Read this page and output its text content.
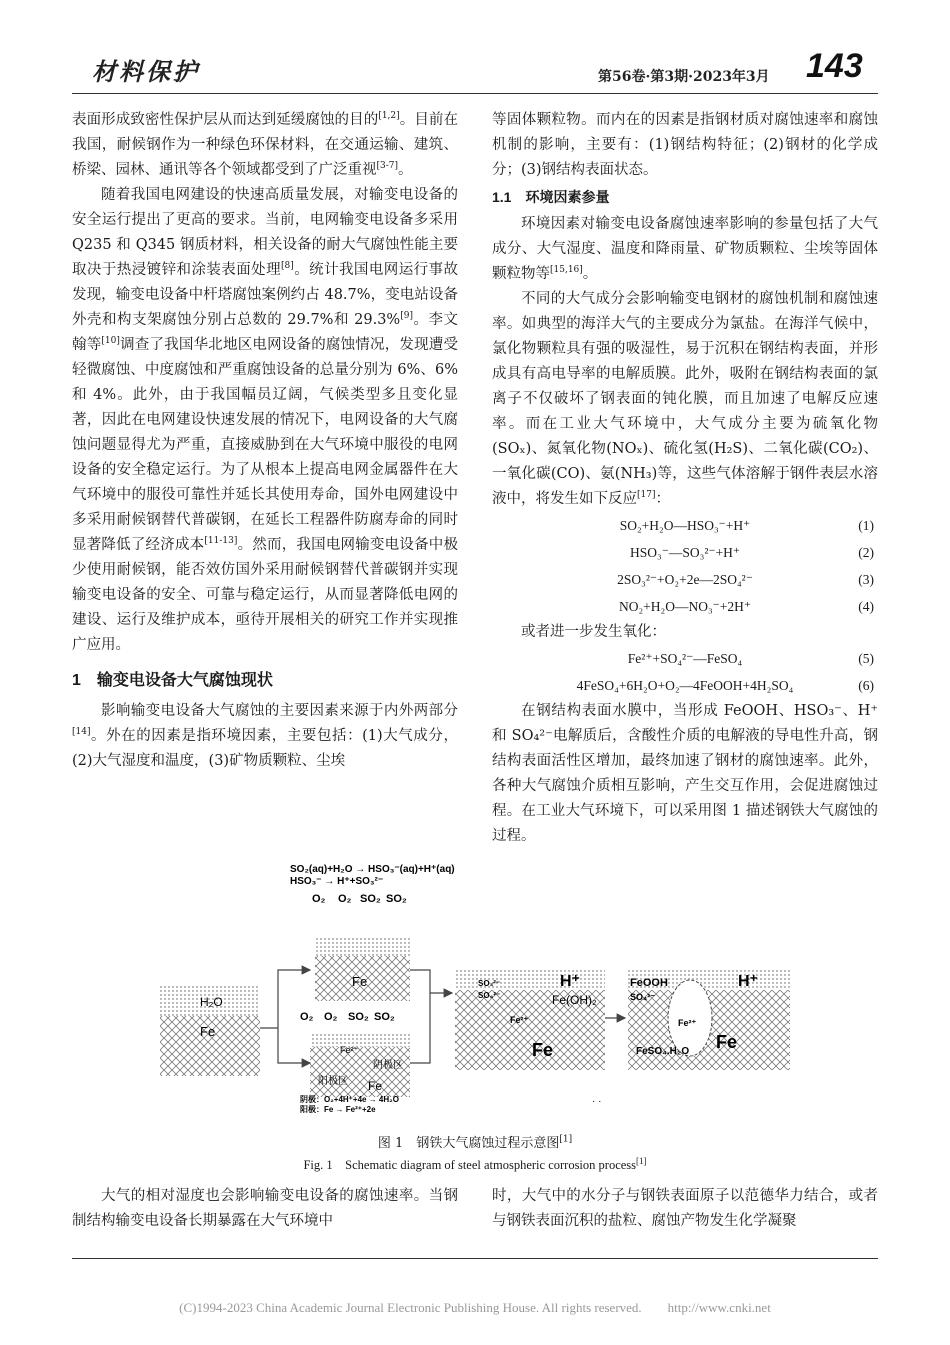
材料保护	第56卷·第3期·2023年3月 143

表面形成致密性保护层从而达到延缓腐蚀的目的[1,2]。目前在我国，耐候钢作为一种绿色环保材料，在交通运输、建筑、桥梁、园林、通讯等各个领域都受到了广泛重视[3-7]。

随着我国电网建设的快速高质量发展，对输变电设备的安全运行提出了更高的要求。当前，电网输变电设备多采用 Q235 和 Q345 钢质材料，相关设备的耐大气腐蚀性能主要取决于热浸镀锌和涂装表面处理[8]。统计我国电网运行事故发现，输变电设备中杆塔腐蚀案例约占 48.7%，变电站设备外壳和构支架腐蚀分别占总数的 29.7%和 29.3%[9]。李文翰等[10]调查了我国华北地区电网设备的腐蚀情况，发现遭受轻微腐蚀、中度腐蚀和严重腐蚀设备的总量分别为 6%、6%和 4%。此外，由于我国幅员辽阔，气候类型多且变化显著，因此在电网建设快速发展的情况下，电网设备的大气腐蚀问题显得尤为严重，直接威胁到在大气环境中服役的电网设备的安全稳定运行。为了从根本上提高电网金属器件在大气环境中的服役可靠性并延长其使用寿命，国外电网建设中多采用耐候钢替代普碳钢，在延长工程器件防腐寿命的同时显著降低了经济成本[11-13]。然而，我国电网输变电设备中极少使用耐候钢，能否效仿国外采用耐候钢替代普碳钢并实现输变电设备的安全、可靠与稳定运行，从而显著降低电网的建设、运行及维护成本，亟待开展相关的研究工作并实现推广应用。

1　输变电设备大气腐蚀现状

影响输变电设备大气腐蚀的主要因素来源于内外两部分[14]。外在的因素是指环境因素，主要包括：(1)大气成分，(2)大气湿度和温度，(3)矿物质颗粒、尘埃

等固体颗粒物。而内在的因素是指钢材质对腐蚀速率和腐蚀机制的影响，主要有：(1)钢结构特征；(2)钢材的化学成分；(3)钢结构表面状态。

1.1　环境因素参量

环境因素对输变电设备腐蚀速率影响的参量包括了大气成分、大气湿度、温度和降雨量、矿物质颗粒、尘埃等固体颗粒物等[15,16]。

不同的大气成分会影响输变电钢材的腐蚀机制和腐蚀速率。如典型的海洋大气的主要成分为氯盐。在海洋气候中，氯化物颗粒具有强的吸湿性，易于沉积在钢结构表面，并形成具有高电导率的电解质膜。此外，吸附在钢结构表面的氯离子不仅破坏了钢表面的钝化膜，而且加速了电解反应速率。而在工业大气环境中，大气成分主要为硫氧化物(SOₓ)、氮氧化物(NOₓ)、硫化氢(H₂S)、二氧化碳(CO₂)、一氧化碳(CO)、氨(NH₃)等，这些气体溶解于钢件表层水溶液中，将发生如下反应[17]：

SO₂+H₂O—HSO₃⁻+H⁺	(1)
HSO₃⁻—SO₃²⁻+H⁺	(2)
2SO₃²⁻+O₂+2e—2SO₄²⁻	(3)
NO₂+H₂O—NO₃⁻+2H⁺	(4)

或者进一步发生氧化：

Fe²⁺+SO₄²⁻—FeSO₄	(5)
4FeSO₄+6H₂O+O₂—4FeOOH+4H₂SO₄	(6)

在钢结构表面水膜中，当形成 FeOOH、HSO₃⁻、H⁺和 SO₄²⁻电解质后，含酸性介质的电解液的导电性升高，钢结构表面活性区增加，最终加速了钢材的腐蚀速率。此外，各种大气腐蚀介质相互影响，产生交互作用，会促进腐蚀过程。在工业大气环境下，可以采用图 1 描述钢铁大气腐蚀的过程。

SO₂(aq)+H₂O → HSO₃⁻(aq)+H⁺(aq)
HSO₃⁻ → H⁺+SO₃²⁻
H₂O
Fe
O₂ O₂ SO₂ SO₂
Fe
O₂ O₂ SO₂ SO₂
Fe²⁺
阴极区
阳极区 Fe
阴极：O₂+4H⁺+4e → 4H₂O
阳极：Fe → Fe²⁺+2e
SO₃²⁻
SO₄²⁻
H⁺
Fe(OH)₂
Fe²⁺
Fe
FeOOH
SO₄²⁻
H⁺
Fe²⁺
FeSO₄.H₂O Fe
· ·
图 1　钢铁大气腐蚀过程示意图[1]
Fig. 1　Schematic diagram of steel atmospheric corrosion process[1]

大气的相对湿度也会影响输变电设备的腐蚀速率。当钢制结构输变电设备长期暴露在大气环境中

时，大气中的水分子与钢铁表面原子以范德华力结合，或者与钢铁表面沉积的盐粒、腐蚀产物发生化学凝聚

(C)1994-2023 China Academic Journal Electronic Publishing House. All rights reserved.　　http://www.cnki.net
